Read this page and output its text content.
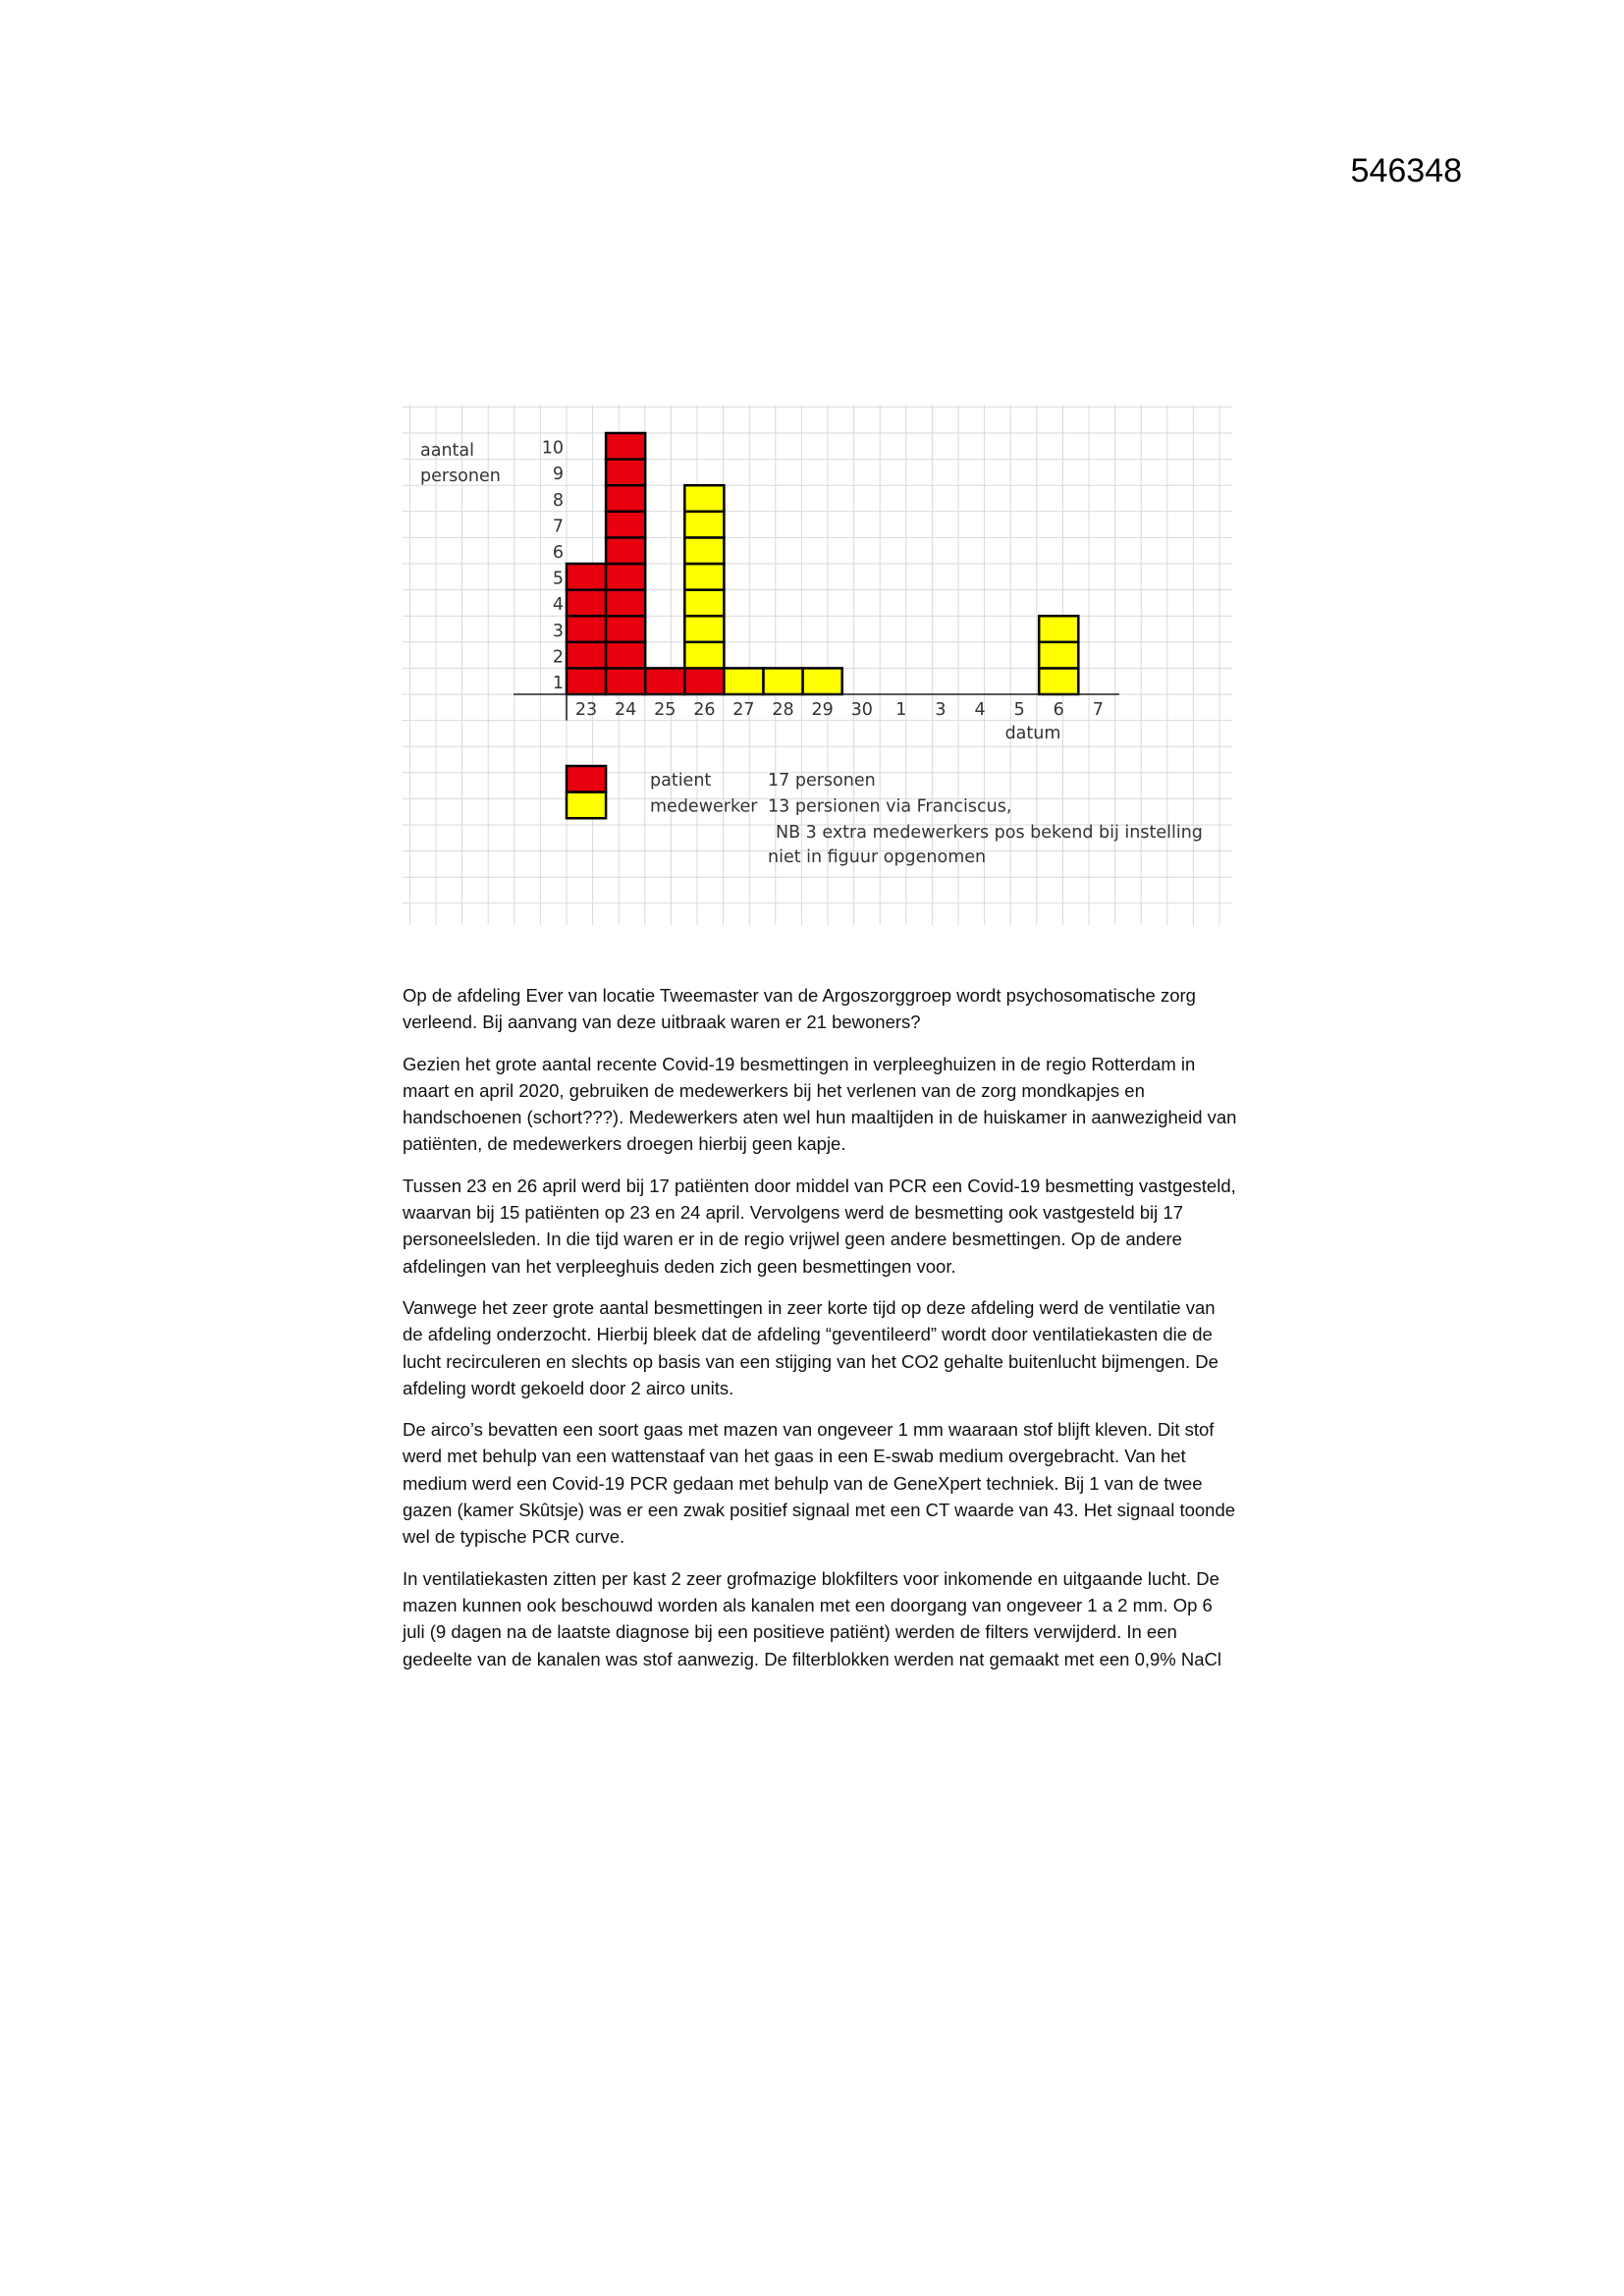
546348
23 24 25 26 27 28 29 30 1 3 4 5 6 7
10
9
8
7
6
5
4
3
2
1
aantal
personen
datum
patient	17 personen
medewerker 13 persionen via Franciscus,
NB 3 extra medewerkers pos bekend bij instelling
niet in figuur opgenomen

Op de afdeling Ever van locatie Tweemaster van de Argoszorggroep wordt psychosomatische zorg verleend. Bij aanvang van deze uitbraak waren er 21 bewoners?

Gezien het grote aantal recente Covid-19 besmettingen in verpleeghuizen in de regio Rotterdam in maart en april 2020, gebruiken de medewerkers bij het verlenen van de zorg mondkapjes en handschoenen (schort???). Medewerkers aten wel hun maaltijden in de huiskamer in aanwezigheid van patiënten, de medewerkers droegen hierbij geen kapje.

Tussen 23 en 26 april werd bij 17 patiënten door middel van PCR een Covid-19 besmetting vastgesteld, waarvan bij 15 patiënten op 23 en 24 april. Vervolgens werd de besmetting ook vastgesteld bij 17 personeelsleden. In die tijd waren er in de regio vrijwel geen andere besmettingen. Op de andere afdelingen van het verpleeghuis deden zich geen besmettingen voor.

Vanwege het zeer grote aantal besmettingen in zeer korte tijd op deze afdeling werd de ventilatie van de afdeling onderzocht. Hierbij bleek dat de afdeling “geventileerd” wordt door ventilatiekasten die de lucht recirculeren en slechts op basis van een stijging van het CO2 gehalte buitenlucht bijmengen. De afdeling wordt gekoeld door 2 airco units.

De airco’s bevatten een soort gaas met mazen van ongeveer 1 mm waaraan stof blijft kleven. Dit stof werd met behulp van een wattenstaaf van het gaas in een E-swab medium overgebracht. Van het medium werd een Covid-19 PCR gedaan met behulp van de GeneXpert techniek. Bij 1 van de twee gazen (kamer Skûtsje) was er een zwak positief signaal met een CT waarde van 43. Het signaal toonde wel de typische PCR curve.

In ventilatiekasten zitten per kast 2 zeer grofmazige blokfilters voor inkomende en uitgaande lucht. De mazen kunnen ook beschouwd worden als kanalen met een doorgang van ongeveer 1 a 2 mm. Op 6 juli (9 dagen na de laatste diagnose bij een positieve patiënt) werden de filters verwijderd. In een gedeelte van de kanalen was stof aanwezig. De filterblokken werden nat gemaakt met een 0,9% NaCl
